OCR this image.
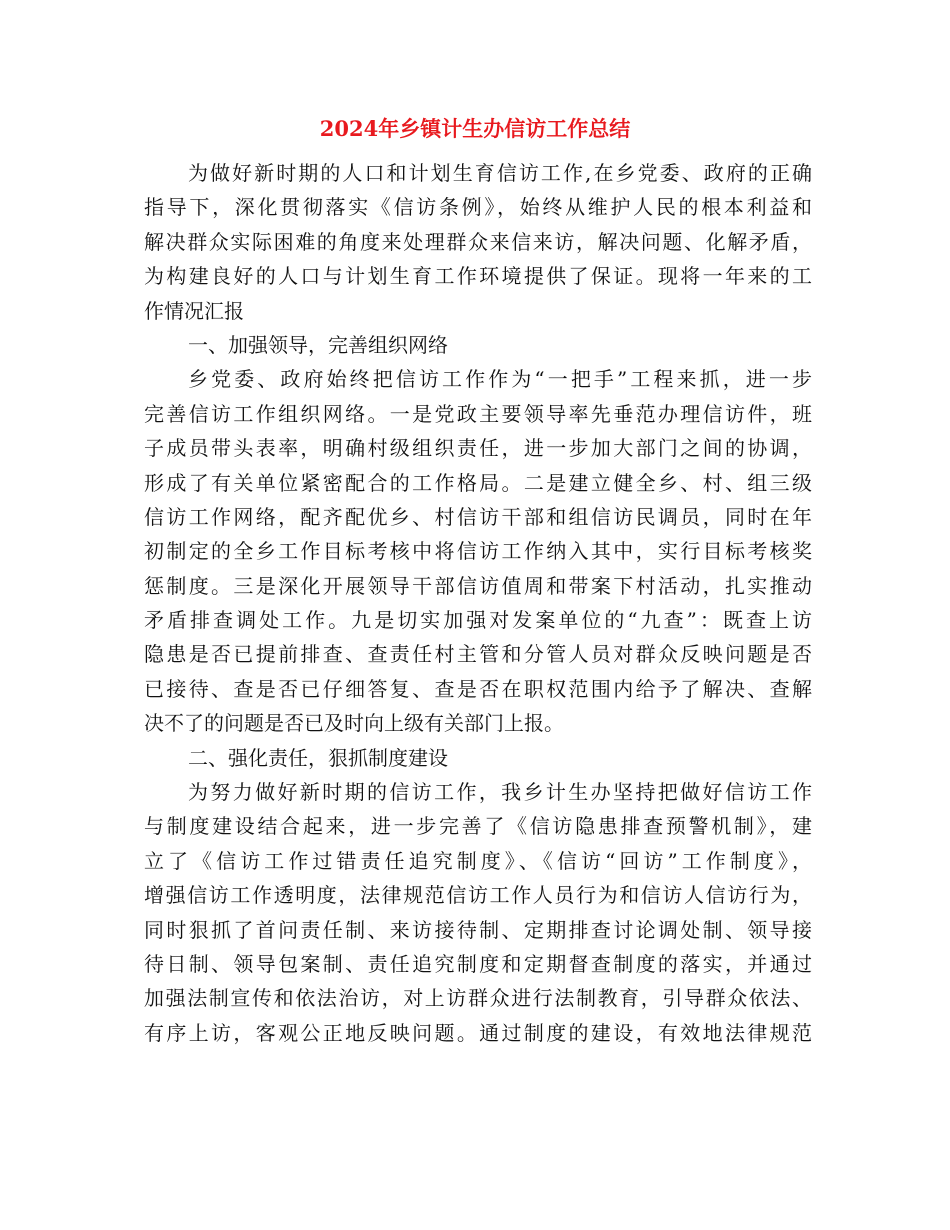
2024年乡镇计生办信访工作总结
为做好新时期的人口和计划生育信访工作,在乡党委、政府的正确
指导下，深化贯彻落实《信访条例》，始终从维护人民的根本利益和
解决群众实际困难的角度来处理群众来信来访，解决问题、化解矛盾，
为构建良好的人口与计划生育工作环境提供了保证。现将一年来的工
作情况汇报
一、加强领导，完善组织网络
乡党委、政府始终把信访工作作为“一把手”工程来抓，进一步
完善信访工作组织网络。一是党政主要领导率先垂范办理信访件，班
子成员带头表率，明确村级组织责任，进一步加大部门之间的协调，
形成了有关单位紧密配合的工作格局。二是建立健全乡、村、组三级
信访工作网络，配齐配优乡、村信访干部和组信访民调员，同时在年
初制定的全乡工作目标考核中将信访工作纳入其中，实行目标考核奖
惩制度。三是深化开展领导干部信访值周和带案下村活动，扎实推动
矛盾排查调处工作。九是切实加强对发案单位的“九查”：既查上访
隐患是否已提前排查、查责任村主管和分管人员对群众反映问题是否
已接待、查是否已仔细答复、查是否在职权范围内给予了解决、查解
决不了的问题是否已及时向上级有关部门上报。
二、强化责任，狠抓制度建设
为努力做好新时期的信访工作，我乡计生办坚持把做好信访工作
与制度建设结合起来，进一步完善了《信访隐患排查预警机制》，建
立了《信访工作过错责任追究制度》、《信访“回访”工作制度》，
增强信访工作透明度，法律规范信访工作人员行为和信访人信访行为，
同时狠抓了首问责任制、来访接待制、定期排查讨论调处制、领导接
待日制、领导包案制、责任追究制度和定期督查制度的落实，并通过
加强法制宣传和依法治访，对上访群众进行法制教育，引导群众依法、
有序上访，客观公正地反映问题。通过制度的建设，有效地法律规范
